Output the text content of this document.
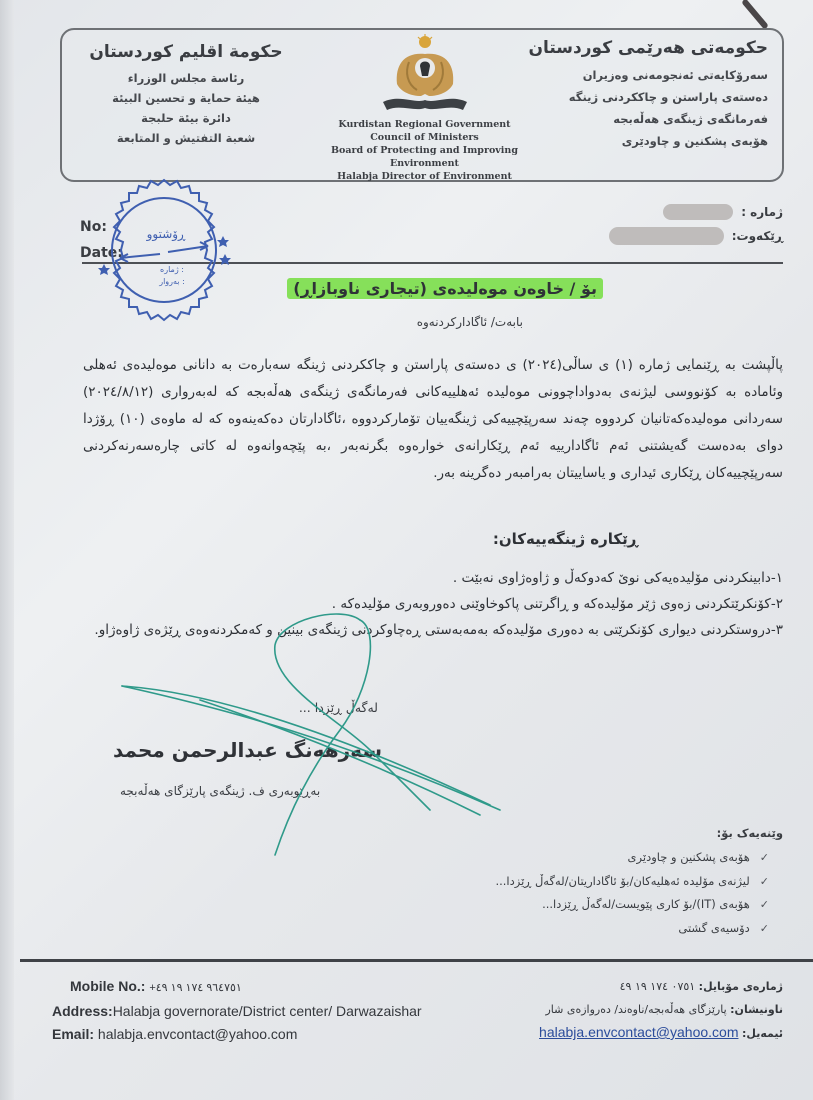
حکومەتی هەرێمی کوردستان
سەرۆکایەتی ئەنجومەنی وەزیران
دەستەی پاراستن و چاککردنی ژینگە
فەرمانگەی ژینگەی هەڵەبجە
هۆبەی پشکنین و چاودێری
Kurdistan Regional Government
Council of Ministers
Board of Protecting and Improving Environment
Halabja Director of Environment
حكومة اقليم كوردستان
رئاسة مجلس الوزراء
هيئة حماية و تحسين البيئة
دائرة بيئة حلبجة
شعبة التفتيش و المتابعة
ژمارە :
ڕێکەوت:
No:
Date:
ڕۆشتوو
ژمارە :
بەروار :	بۆ / خاوەن موەلیدەی (تیجاری ناوبازاڕ)
بابەت/ ئاگاداركردنەوە
پاڵپشت بە ڕێنمایی ژمارە (١) ی ساڵی(٢٠٢٤) ی دەستەی پاراستن و چاککردنی ژینگە سەبارەت بە دانانی موەلیدەی ئەهلی وئامادە بە کۆنووسی لیژنەی بەدواداچوونی موەلیدە ئەهلییەکانی فەرمانگەی ژینگەی هەڵەبجە کە لەبەرواری (٢٠٢٤/٨/١٢) سەردانی موەلیدەکەتانیان کردووە چەند سەرپێچییەکی ژینگەییان تۆمارکردووە ،ئاگادارتان دەکەینەوە کە لە ماوەی (١٠) ڕۆژدا دوای بەدەست گەیشتنی ئەم ئاگادارییە ئەم ڕێکارانەی خوارەوە بگرنەبەر ،بە پێچەوانەوە لە کاتی چارەسەرنەکردنی سەرپێچییەکان ڕێکاری ئیداری و یاساییتان بەرامبەر دەگرینە بەر.
ڕێکارە ژینگەییەکان:
١-دابینکردنی مۆلیدەیەکی نوێ کەدوکەڵ و ژاوەژاوی نەبێت .
٢-کۆنکرێتکردنی زەوی ژێر مۆلیدەکە و ڕاگرتنی پاکوخاوێنی دەوروبەری مۆلیدەکە .
٣-دروستکردنی دیواری کۆنکرێتی بە دەوری مۆلیدەکە بەمەبەستی ڕەچاوکردنی ژینگەی بینین و کەمکردنەوەی ڕێژەی ژاوەژاو.
لەگەڵ ڕێزدا ...
سەرهەنگ عبدالرحمن محمد
بەڕێوبەری ف. ژینگەی پارێزگای هەڵەبجە
وێنەیەک بۆ:
✓هۆبەی پشکنین و چاودێری
✓لیژنەی مۆلیدە ئەهلیەکان/بۆ ئاگاداریتان/لەگەڵ ڕێزدا...
✓هۆبەی (IT)/بۆ کاری پێویست/لەگەڵ ڕێزدا...
✓دۆسیەی گشتی
Mobile No.: +٩٦٤٧٥١ ١٧٤ ١٩ ٤٩
Address:Halabja governorate/District center/ Darwazaishar
Email: halabja.envcontact@yahoo.com
ژمارەی مۆبایل: ٠٧٥١ ١٧٤ ١٩ ٤٩
ناونیشان: پارێزگای هەڵەبجە/ناوەند/ دەروازەی شار
ئیمەیل: halabja.envcontact@yahoo.com
